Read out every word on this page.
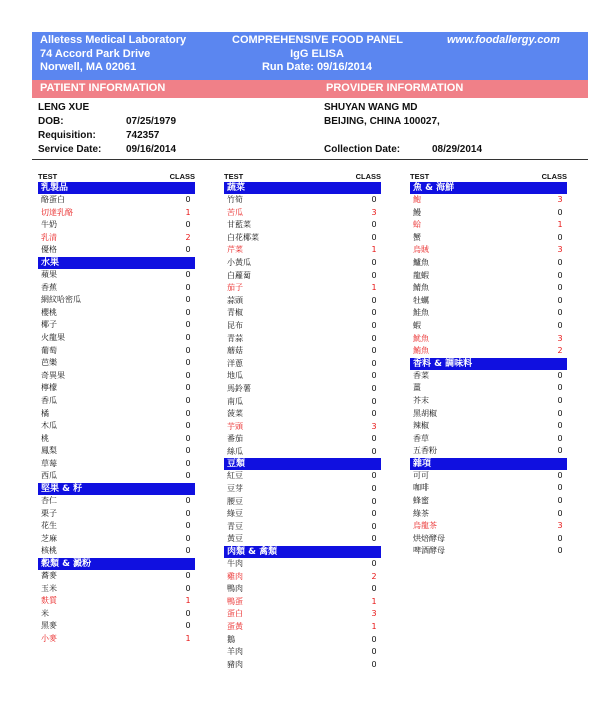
Alletess Medical Laboratory
74 Accord Park Drive
Norwell, MA 02061
COMPREHENSIVE FOOD PANEL
IgG ELISA
Run Date: 09/16/2014
www.foodallergy.com
PATIENT INFORMATION	PROVIDER INFORMATION
LENG XUE
DOB:	07/25/1979
Requisition:	742357
Service Date: 09/16/2014
SHUYAN WANG MD
BEIJING, CHINA 100027,
Collection Date:	08/29/2014
TEST	CLASS
乳製品
酪蛋白	0
切達乳酪	1
牛奶	0
乳清	2
優格	0
水果
蘋果	0
香蕉	0
網紋哈密瓜	0
櫻桃	0
椰子	0
火龍果	0
葡萄	0
芭樂	0
奇異果	0
檸檬	0
香瓜	0
橘	0
木瓜	0
桃	0
鳳梨	0
草莓	0
西瓜	0
堅果 & 籽
杏仁	0
栗子	0
花生	0
芝麻	0
核桃	0
穀類 & 澱粉
蕎麥	0
玉米	0
麩質	1
米	0
黑麥	0
小麥	1
TEST	CLASS
蔬菜
竹筍	0
苦瓜	3
甘藍菜	0
白花椰菜	0
芹菜	1
小黃瓜	0
白蘿蔔	0
茄子	1
蒜頭	0
青椒	0
昆布	0
青蒜	0
蘑菇	0
洋蔥	0
地瓜	0
馬鈴薯	0
南瓜	0
菠菜	0
芋頭	3
番茄	0
絲瓜	0
豆類
紅豆	0
豆芽	0
腰豆	0
綠豆	0
青豆	0
黃豆	0
肉類 & 禽類
牛肉	0
雞肉	2
鴨肉	0
鴨蛋	1
蛋白	3
蛋黃	1
鵝	0
羊肉	0
豬肉	0
TEST	CLASS
魚 & 海鮮
鮑	3
鰻	0
蛤	1
蟹	0
烏賊	3
鱸魚	0
龍蝦	0
鯖魚	0
牡蠣	0
鮭魚	0
蝦	0
魷魚	3
鮪魚	2
香料 & 調味料
香菜	0
薑	0
芥末	0
黑胡椒	0
辣椒	0
香草	0
五香粉	0
雜項
可可	0
咖啡	0
蜂蜜	0
綠茶	0
烏龍茶	3
烘焙酵母	0
啤酒酵母	0
